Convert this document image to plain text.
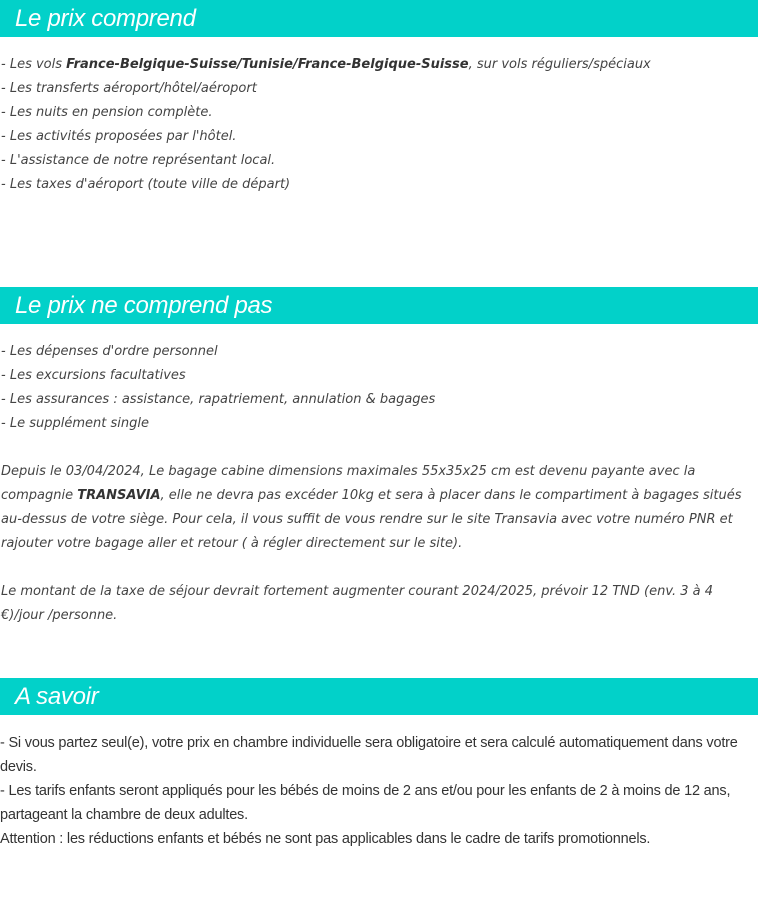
Le prix comprend

- Les vols France-Belgique-Suisse/Tunisie/France-Belgique-Suisse, sur vols réguliers/spéciaux

- Les transferts aéroport/hôtel/aéroport

- Les nuits en pension complète.

- Les activités proposées par l'hôtel.

- L'assistance de notre représentant local.

- Les taxes d'aéroport (toute ville de départ)

Le prix ne comprend pas

- Les dépenses d'ordre personnel

- Les excursions facultatives

- Les assurances : assistance, rapatriement, annulation & bagages

- Le supplément single

Depuis le 03/04/2024, Le bagage cabine dimensions maximales 55x35x25 cm est devenu payante avec la compagnie TRANSAVIA, elle ne devra pas excéder 10kg et sera à placer dans le compartiment à bagages situés au-dessus de votre siège. Pour cela, il vous suffit de vous rendre sur le site Transavia avec votre numéro PNR et rajouter votre bagage aller et retour ( à régler directement sur le site).

Le montant de la taxe de séjour devrait fortement augmenter courant 2024/2025, prévoir 12 TND (env. 3 à 4 €)/jour /personne.

A savoir

- Si vous partez seul(e), votre prix en chambre individuelle sera obligatoire et sera calculé automatiquement dans votre devis.

- Les tarifs enfants seront appliqués pour les bébés de moins de 2 ans et/ou pour les enfants de 2 à moins de 12 ans, partageant la chambre de deux adultes.

Attention : les réductions enfants et bébés ne sont pas applicables dans le cadre de tarifs promotionnels.
